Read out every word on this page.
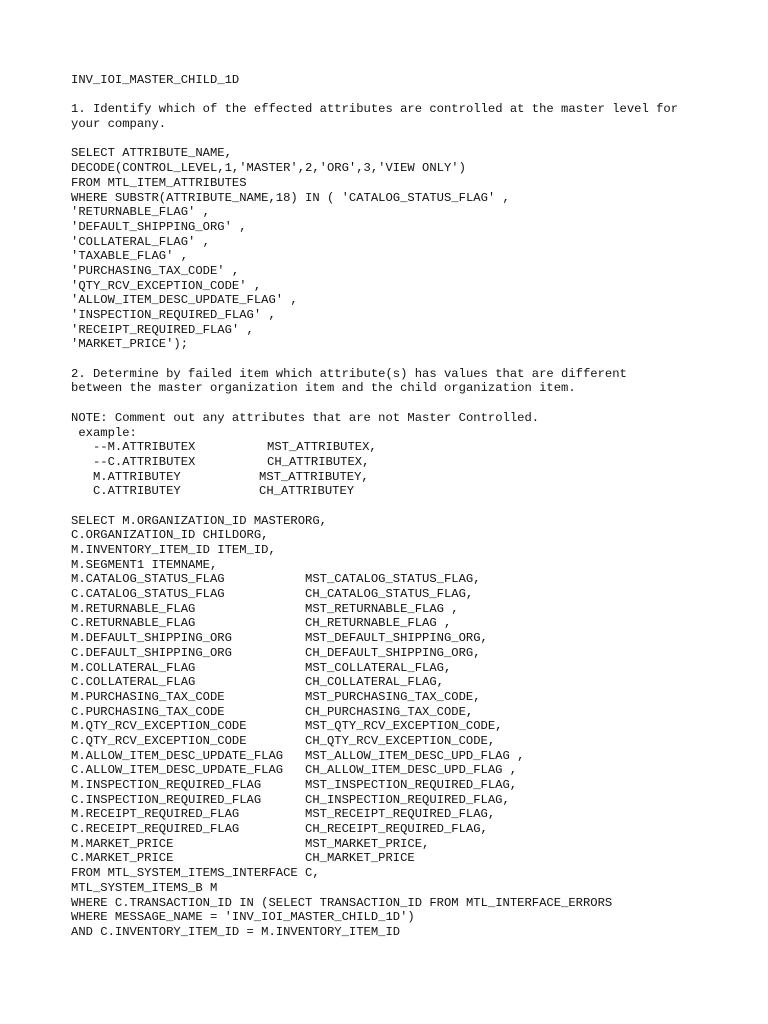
INV_IOI_MASTER_CHILD_1D
1. Identify which of the effected attributes are controlled at the master level for
your company.
SELECT ATTRIBUTE_NAME,
DECODE(CONTROL_LEVEL,1,'MASTER',2,'ORG',3,'VIEW ONLY')
FROM MTL_ITEM_ATTRIBUTES
WHERE SUBSTR(ATTRIBUTE_NAME,18) IN ( 'CATALOG_STATUS_FLAG' ,
'RETURNABLE_FLAG' ,
'DEFAULT_SHIPPING_ORG' ,
'COLLATERAL_FLAG' ,
'TAXABLE_FLAG' ,
'PURCHASING_TAX_CODE' ,
'QTY_RCV_EXCEPTION_CODE' ,
'ALLOW_ITEM_DESC_UPDATE_FLAG' ,
'INSPECTION_REQUIRED_FLAG' ,
'RECEIPT_REQUIRED_FLAG' ,
'MARKET_PRICE');
2. Determine by failed item which attribute(s) has values that are different
between the master organization item and the child organization item.
NOTE: Comment out any attributes that are not Master Controlled.
example:
--M.ATTRIBUTEX	MST_ATTRIBUTEX,
--C.ATTRIBUTEX	CH_ATTRIBUTEX,
M.ATTRIBUTEY	MST_ATTRIBUTEY,
C.ATTRIBUTEY	CH_ATTRIBUTEY
SELECT M.ORGANIZATION_ID MASTERORG,
C.ORGANIZATION_ID CHILDORG,
M.INVENTORY_ITEM_ID ITEM_ID,
M.SEGMENT1 ITEMNAME,
M.CATALOG_STATUS_FLAG	MST_CATALOG_STATUS_FLAG,
C.CATALOG_STATUS_FLAG	CH_CATALOG_STATUS_FLAG,
M.RETURNABLE_FLAG	MST_RETURNABLE_FLAG ,
C.RETURNABLE_FLAG	CH_RETURNABLE_FLAG ,
M.DEFAULT_SHIPPING_ORG	MST_DEFAULT_SHIPPING_ORG,
C.DEFAULT_SHIPPING_ORG	CH_DEFAULT_SHIPPING_ORG,
M.COLLATERAL_FLAG	MST_COLLATERAL_FLAG,
C.COLLATERAL_FLAG	CH_COLLATERAL_FLAG,
M.PURCHASING_TAX_CODE	MST_PURCHASING_TAX_CODE,
C.PURCHASING_TAX_CODE	CH_PURCHASING_TAX_CODE,
M.QTY_RCV_EXCEPTION_CODE	MST_QTY_RCV_EXCEPTION_CODE,
C.QTY_RCV_EXCEPTION_CODE	CH_QTY_RCV_EXCEPTION_CODE,
M.ALLOW_ITEM_DESC_UPDATE_FLAG MST_ALLOW_ITEM_DESC_UPD_FLAG ,
C.ALLOW_ITEM_DESC_UPDATE_FLAG CH_ALLOW_ITEM_DESC_UPD_FLAG ,
M.INSPECTION_REQUIRED_FLAG	MST_INSPECTION_REQUIRED_FLAG,
C.INSPECTION_REQUIRED_FLAG	CH_INSPECTION_REQUIRED_FLAG,
M.RECEIPT_REQUIRED_FLAG	MST_RECEIPT_REQUIRED_FLAG,
C.RECEIPT_REQUIRED_FLAG	CH_RECEIPT_REQUIRED_FLAG,
M.MARKET_PRICE	MST_MARKET_PRICE,
C.MARKET_PRICE	CH_MARKET_PRICE
FROM MTL_SYSTEM_ITEMS_INTERFACE C,
MTL_SYSTEM_ITEMS_B M
WHERE C.TRANSACTION_ID IN (SELECT TRANSACTION_ID FROM MTL_INTERFACE_ERRORS
WHERE MESSAGE_NAME = 'INV_IOI_MASTER_CHILD_1D')
AND C.INVENTORY_ITEM_ID = M.INVENTORY_ITEM_ID
